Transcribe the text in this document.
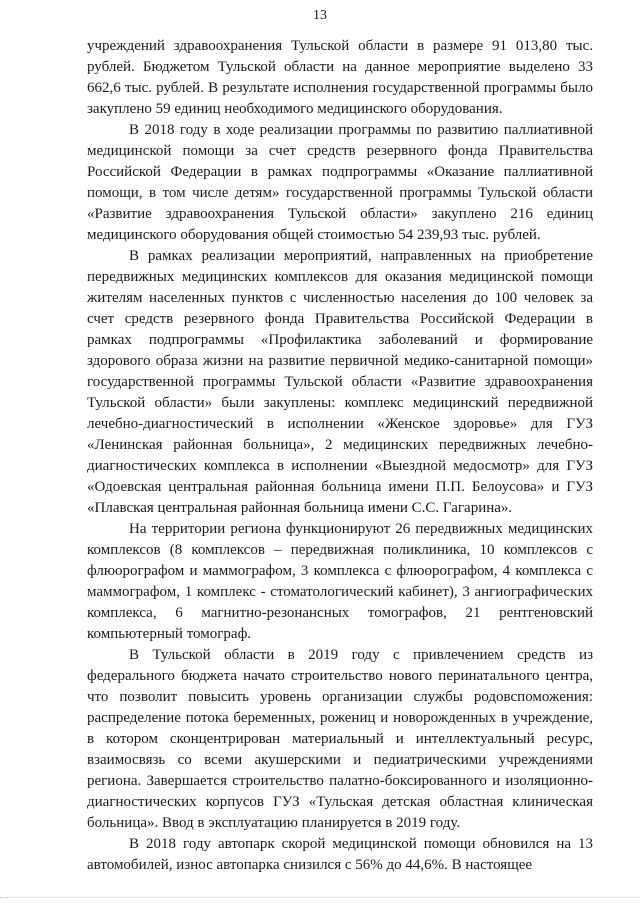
13

учреждений здравоохранения Тульской области в размере 91 013,80 тыс. рублей. Бюджетом Тульской области на данное мероприятие выделено 33 662,6 тыс. рублей. В результате исполнения государственной программы было закуплено 59 единиц необходимого медицинского оборудования.

В 2018 году в ходе реализации программы по развитию паллиативной медицинской помощи за счет средств резервного фонда Правительства Российской Федерации в рамках подпрограммы «Оказание паллиативной помощи, в том числе детям» государственной программы Тульской области «Развитие здравоохранения Тульской области» закуплено 216 единиц медицинского оборудования общей стоимостью 54 239,93 тыс. рублей.

В рамках реализации мероприятий, направленных на приобретение передвижных медицинских комплексов для оказания медицинской помощи жителям населенных пунктов с численностью населения до 100 человек за счет средств резервного фонда Правительства Российской Федерации в рамках подпрограммы «Профилактика заболеваний и формирование здорового образа жизни на развитие первичной медико-санитарной помощи» государственной программы Тульской области «Развитие здравоохранения Тульской области» были закуплены: комплекс медицинский передвижной лечебно-диагностический в исполнении «Женское здоровье» для ГУЗ «Ленинская районная больница», 2 медицинских передвижных лечебно-диагностических комплекса в исполнении «Выездной медосмотр» для ГУЗ «Одоевская центральная районная больница имени П.П. Белоусова» и ГУЗ «Плавская центральная районная больница имени С.С. Гагарина».

На территории региона функционируют 26 передвижных медицинских комплексов (8 комплексов – передвижная поликлиника, 10 комплексов с флюорографом и маммографом, 3 комплекса с флюорографом, 4 комплекса с маммографом, 1 комплекс - стоматологический кабинет), 3 ангиографических комплекса, 6 магнитно-резонансных томографов, 21 рентгеновский компьютерный томограф.

В Тульской области в 2019 году с привлечением средств из федерального бюджета начато строительство нового перинатального центра, что позволит повысить уровень организации службы родовспоможения: распределение потока беременных, рожениц и новорожденных в учреждение, в котором сконцентрирован материальный и интеллектуальный ресурс, взаимосвязь со всеми акушерскими и педиатрическими учреждениями региона. Завершается строительство палатно-боксированного и изоляционно-диагностических корпусов ГУЗ «Тульская детская областная клиническая больница». Ввод в эксплуатацию планируется в 2019 году.

В 2018 году автопарк скорой медицинской помощи обновился на 13 автомобилей, износ автопарка снизился с 56% до 44,6%. В настоящее
